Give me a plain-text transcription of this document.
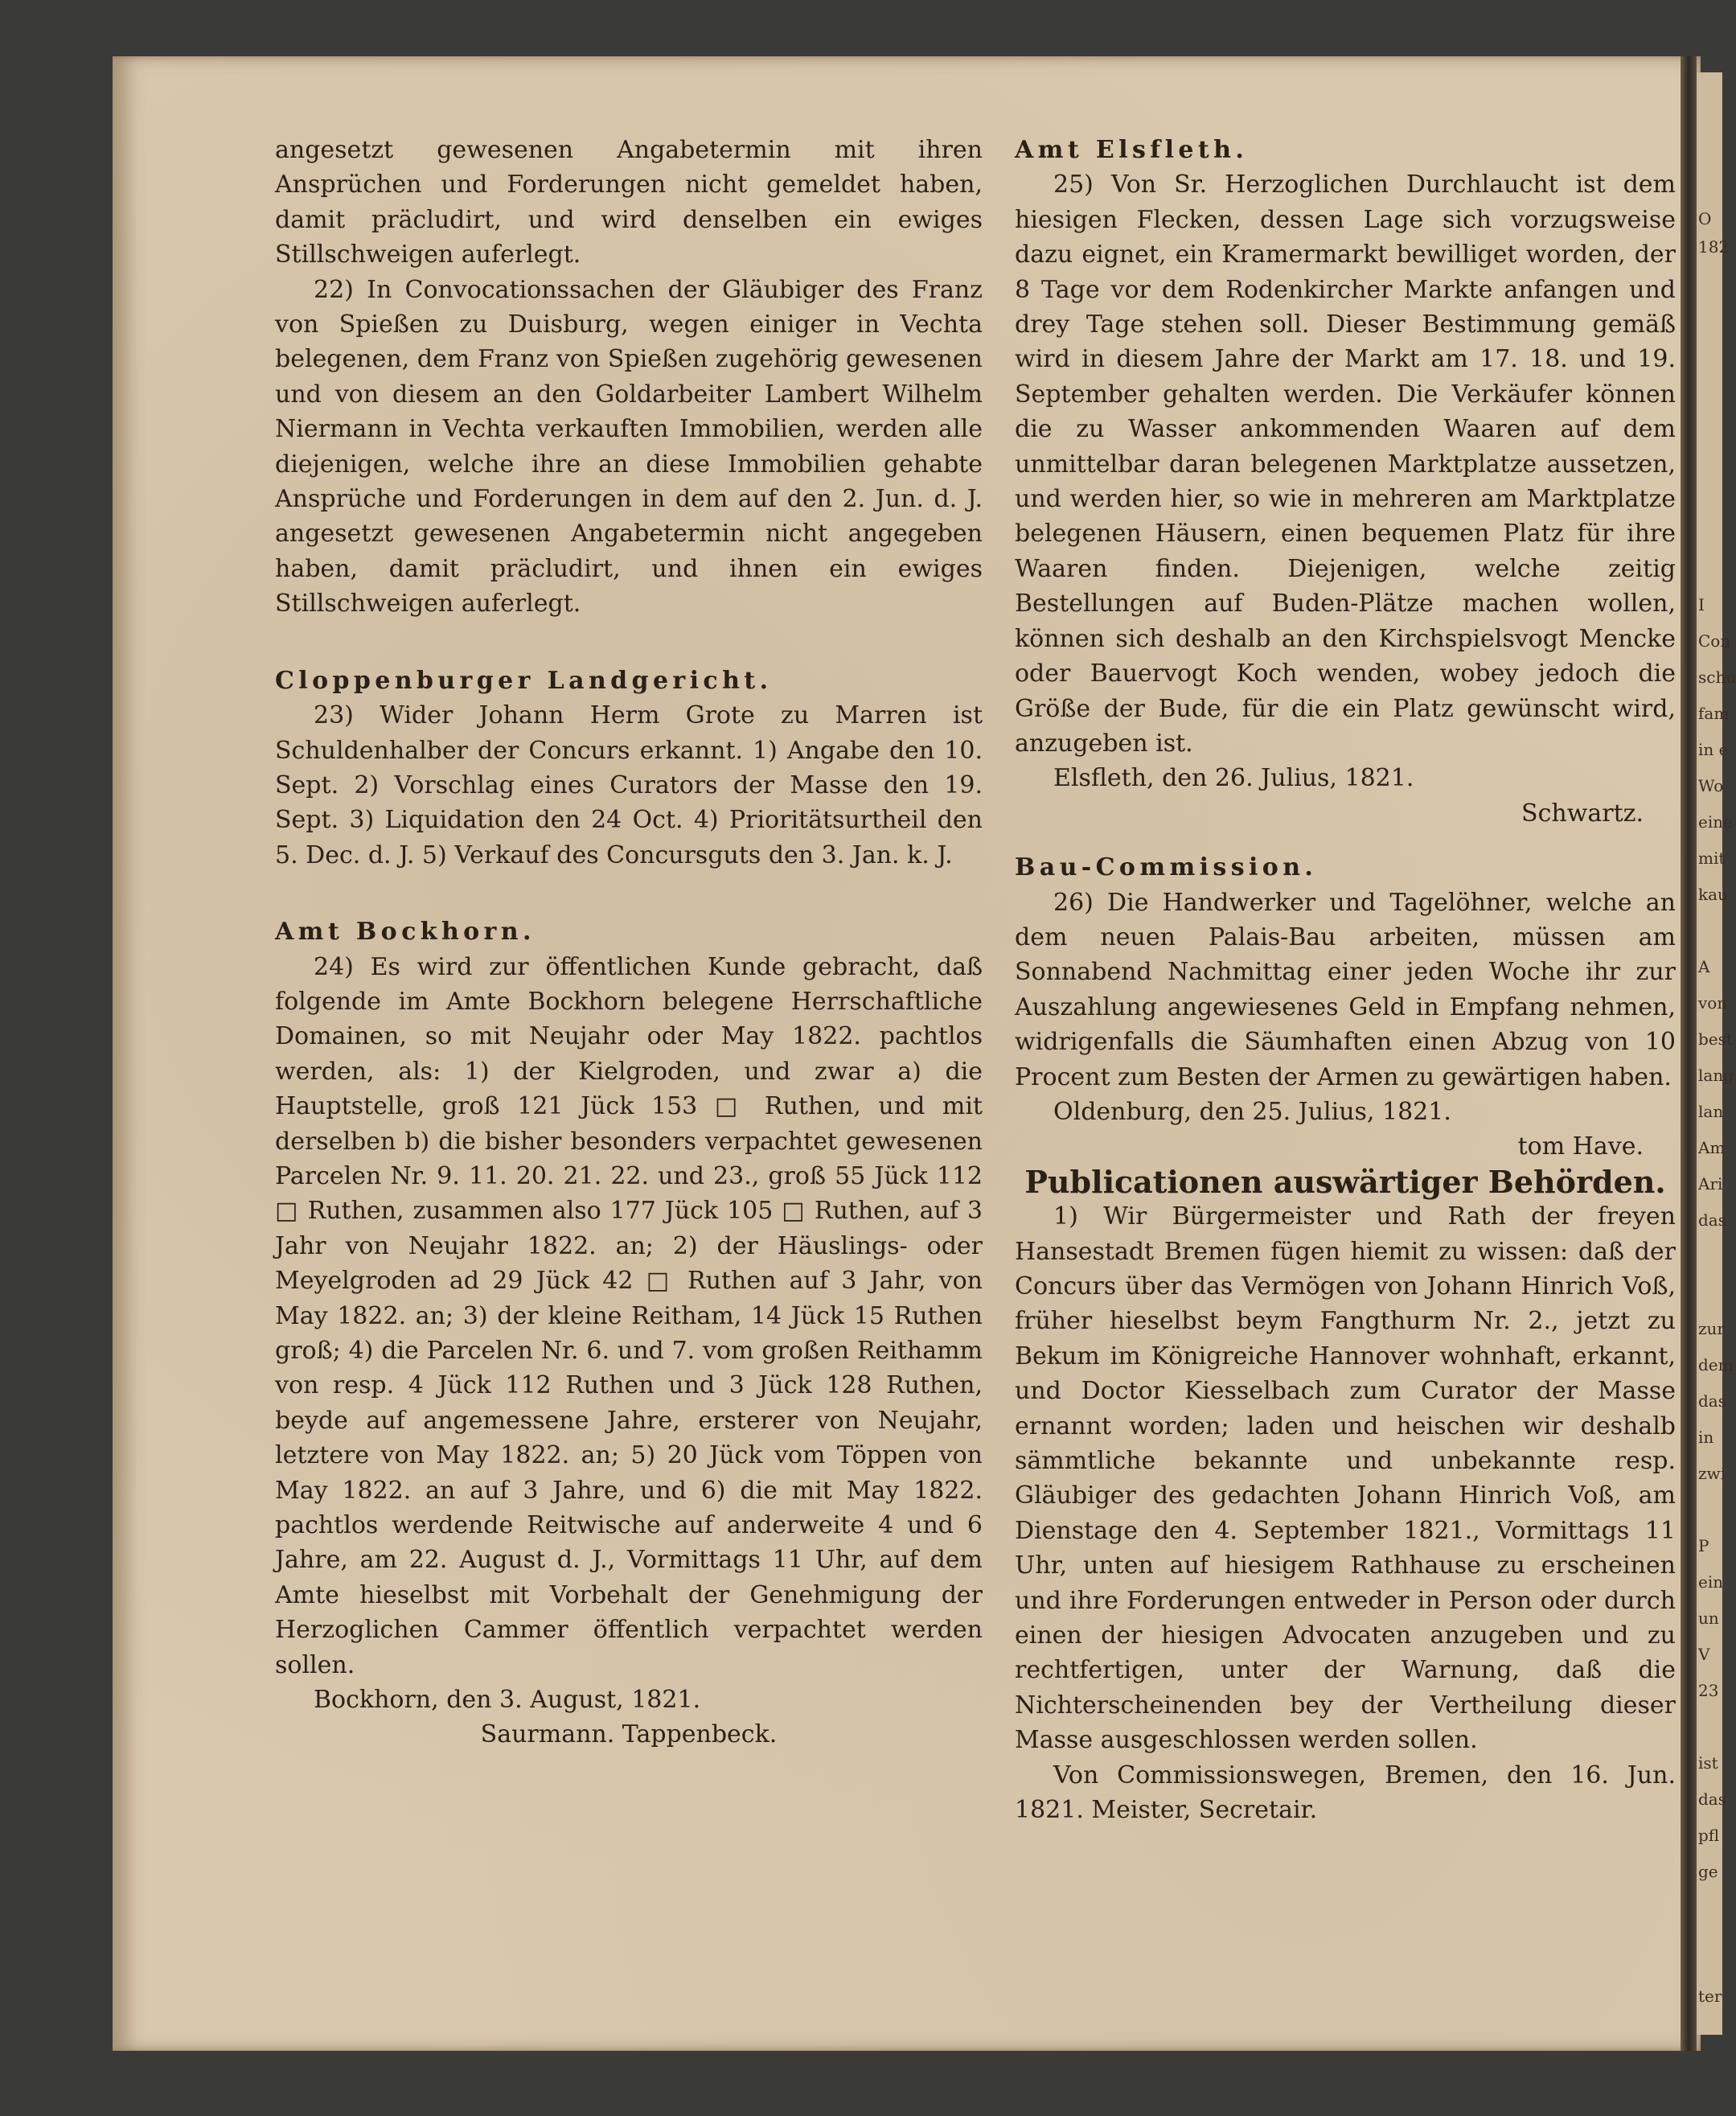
O
182
I
Con
schu
fam
in e
Wo
eine
mit
kau
A
von
best
lang
lan
Am
Ari
das
zur
dem
das
in
zwi
P
ein
un
V
23
ist
das
pfl
ge
ter

angesetzt gewesenen Angabetermin mit ihren Ansprüchen und Forderungen nicht gemeldet haben, damit präcludirt, und wird denselben ein ewiges Stillschweigen auferlegt.

22) In Convocationssachen der Gläubiger des Franz von Spießen zu Duisburg, wegen einiger in Vechta belegenen, dem Franz von Spießen zugehörig gewesenen und von diesem an den Goldarbeiter Lambert Wilhelm Niermann in Vechta verkauften Immobilien, werden alle diejenigen, welche ihre an diese Immobilien gehabte Ansprüche und Forderungen in dem auf den 2. Jun. d. J. angesetzt gewesenen Angabetermin nicht angegeben haben, damit präcludirt, und ihnen ein ewiges Stillschweigen auferlegt.

Cloppenburger Landgericht.

23) Wider Johann Herm Grote zu Marren ist Schuldenhalber der Concurs erkannt. 1) Angabe den 10. Sept. 2) Vorschlag eines Curators der Masse den 19. Sept. 3) Liquidation den 24 Oct. 4) Prioritätsurtheil den 5. Dec. d. J. 5) Verkauf des Concursguts den 3. Jan. k. J.

Amt Bockhorn.

24) Es wird zur öffentlichen Kunde gebracht, daß folgende im Amte Bockhorn belegene Herrschaftliche Domainen, so mit Neujahr oder May 1822. pachtlos werden, als: 1) der Kielgroden, und zwar a) die Hauptstelle, groß 121 Jück 153 □ Ruthen, und mit derselben b) die bisher besonders verpachtet gewesenen Parcelen Nr. 9. 11. 20. 21. 22. und 23., groß 55 Jück 112 □ Ruthen, zusammen also 177 Jück 105 □ Ruthen, auf 3 Jahr von Neujahr 1822. an; 2) der Häuslings- oder Meyelgroden ad 29 Jück 42 □ Ruthen auf 3 Jahr, von May 1822. an; 3) der kleine Reitham, 14 Jück 15 Ruthen groß; 4) die Parcelen Nr. 6. und 7. vom großen Reithamm von resp. 4 Jück 112 Ruthen und 3 Jück 128 Ruthen, beyde auf angemessene Jahre, ersterer von Neujahr, letztere von May 1822. an; 5) 20 Jück vom Töppen von May 1822. an auf 3 Jahre, und 6) die mit May 1822. pachtlos werdende Reitwische auf anderweite 4 und 6 Jahre, am 22. August d. J., Vormittags 11 Uhr, auf dem Amte hieselbst mit Vorbehalt der Genehmigung der Herzoglichen Cammer öffentlich verpachtet werden sollen.

Bockhorn, den 3. August, 1821.

Saurmann. Tappenbeck.

Amt Elsfleth.

25) Von Sr. Herzoglichen Durchlaucht ist dem hiesigen Flecken, dessen Lage sich vorzugsweise dazu eignet, ein Kramermarkt bewilliget worden, der 8 Tage vor dem Rodenkircher Markte anfangen und drey Tage stehen soll. Dieser Bestimmung gemäß wird in diesem Jahre der Markt am 17. 18. und 19. September gehalten werden. Die Verkäufer können die zu Wasser ankommenden Waaren auf dem unmittelbar daran belegenen Marktplatze aussetzen, und werden hier, so wie in mehreren am Marktplatze belegenen Häusern, einen bequemen Platz für ihre Waaren finden. Diejenigen, welche zeitig Bestellungen auf Buden-Plätze machen wollen, können sich deshalb an den Kirchspielsvogt Mencke oder Bauervogt Koch wenden, wobey jedoch die Größe der Bude, für die ein Platz gewünscht wird, anzugeben ist.

Elsfleth, den 26. Julius, 1821.

Schwartz.

Bau-Commission.

26) Die Handwerker und Tagelöhner, welche an dem neuen Palais-Bau arbeiten, müssen am Sonnabend Nachmittag einer jeden Woche ihr zur Auszahlung angewiesenes Geld in Empfang nehmen, widrigenfalls die Säumhaften einen Abzug von 10 Procent zum Besten der Armen zu gewärtigen haben.

Oldenburg, den 25. Julius, 1821.

tom Have.

Publicationen auswärtiger Behörden.

1) Wir Bürgermeister und Rath der freyen Hansestadt Bremen fügen hiemit zu wissen: daß der Concurs über das Vermögen von Johann Hinrich Voß, früher hieselbst beym Fangthurm Nr. 2., jetzt zu Bekum im Königreiche Hannover wohnhaft, erkannt, und Doctor Kiesselbach zum Curator der Masse ernannt worden; laden und heischen wir deshalb sämmtliche bekannte und unbekannte resp. Gläubiger des gedachten Johann Hinrich Voß, am Dienstage den 4. September 1821., Vormittags 11 Uhr, unten auf hiesigem Rathhause zu erscheinen und ihre Forderungen entweder in Person oder durch einen der hiesigen Advocaten anzugeben und zu rechtfertigen, unter der Warnung, daß die Nichterscheinenden bey der Vertheilung dieser Masse ausgeschlossen werden sollen.

Von Commissionswegen, Bremen, den 16. Jun. 1821. Meister, Secretair.
